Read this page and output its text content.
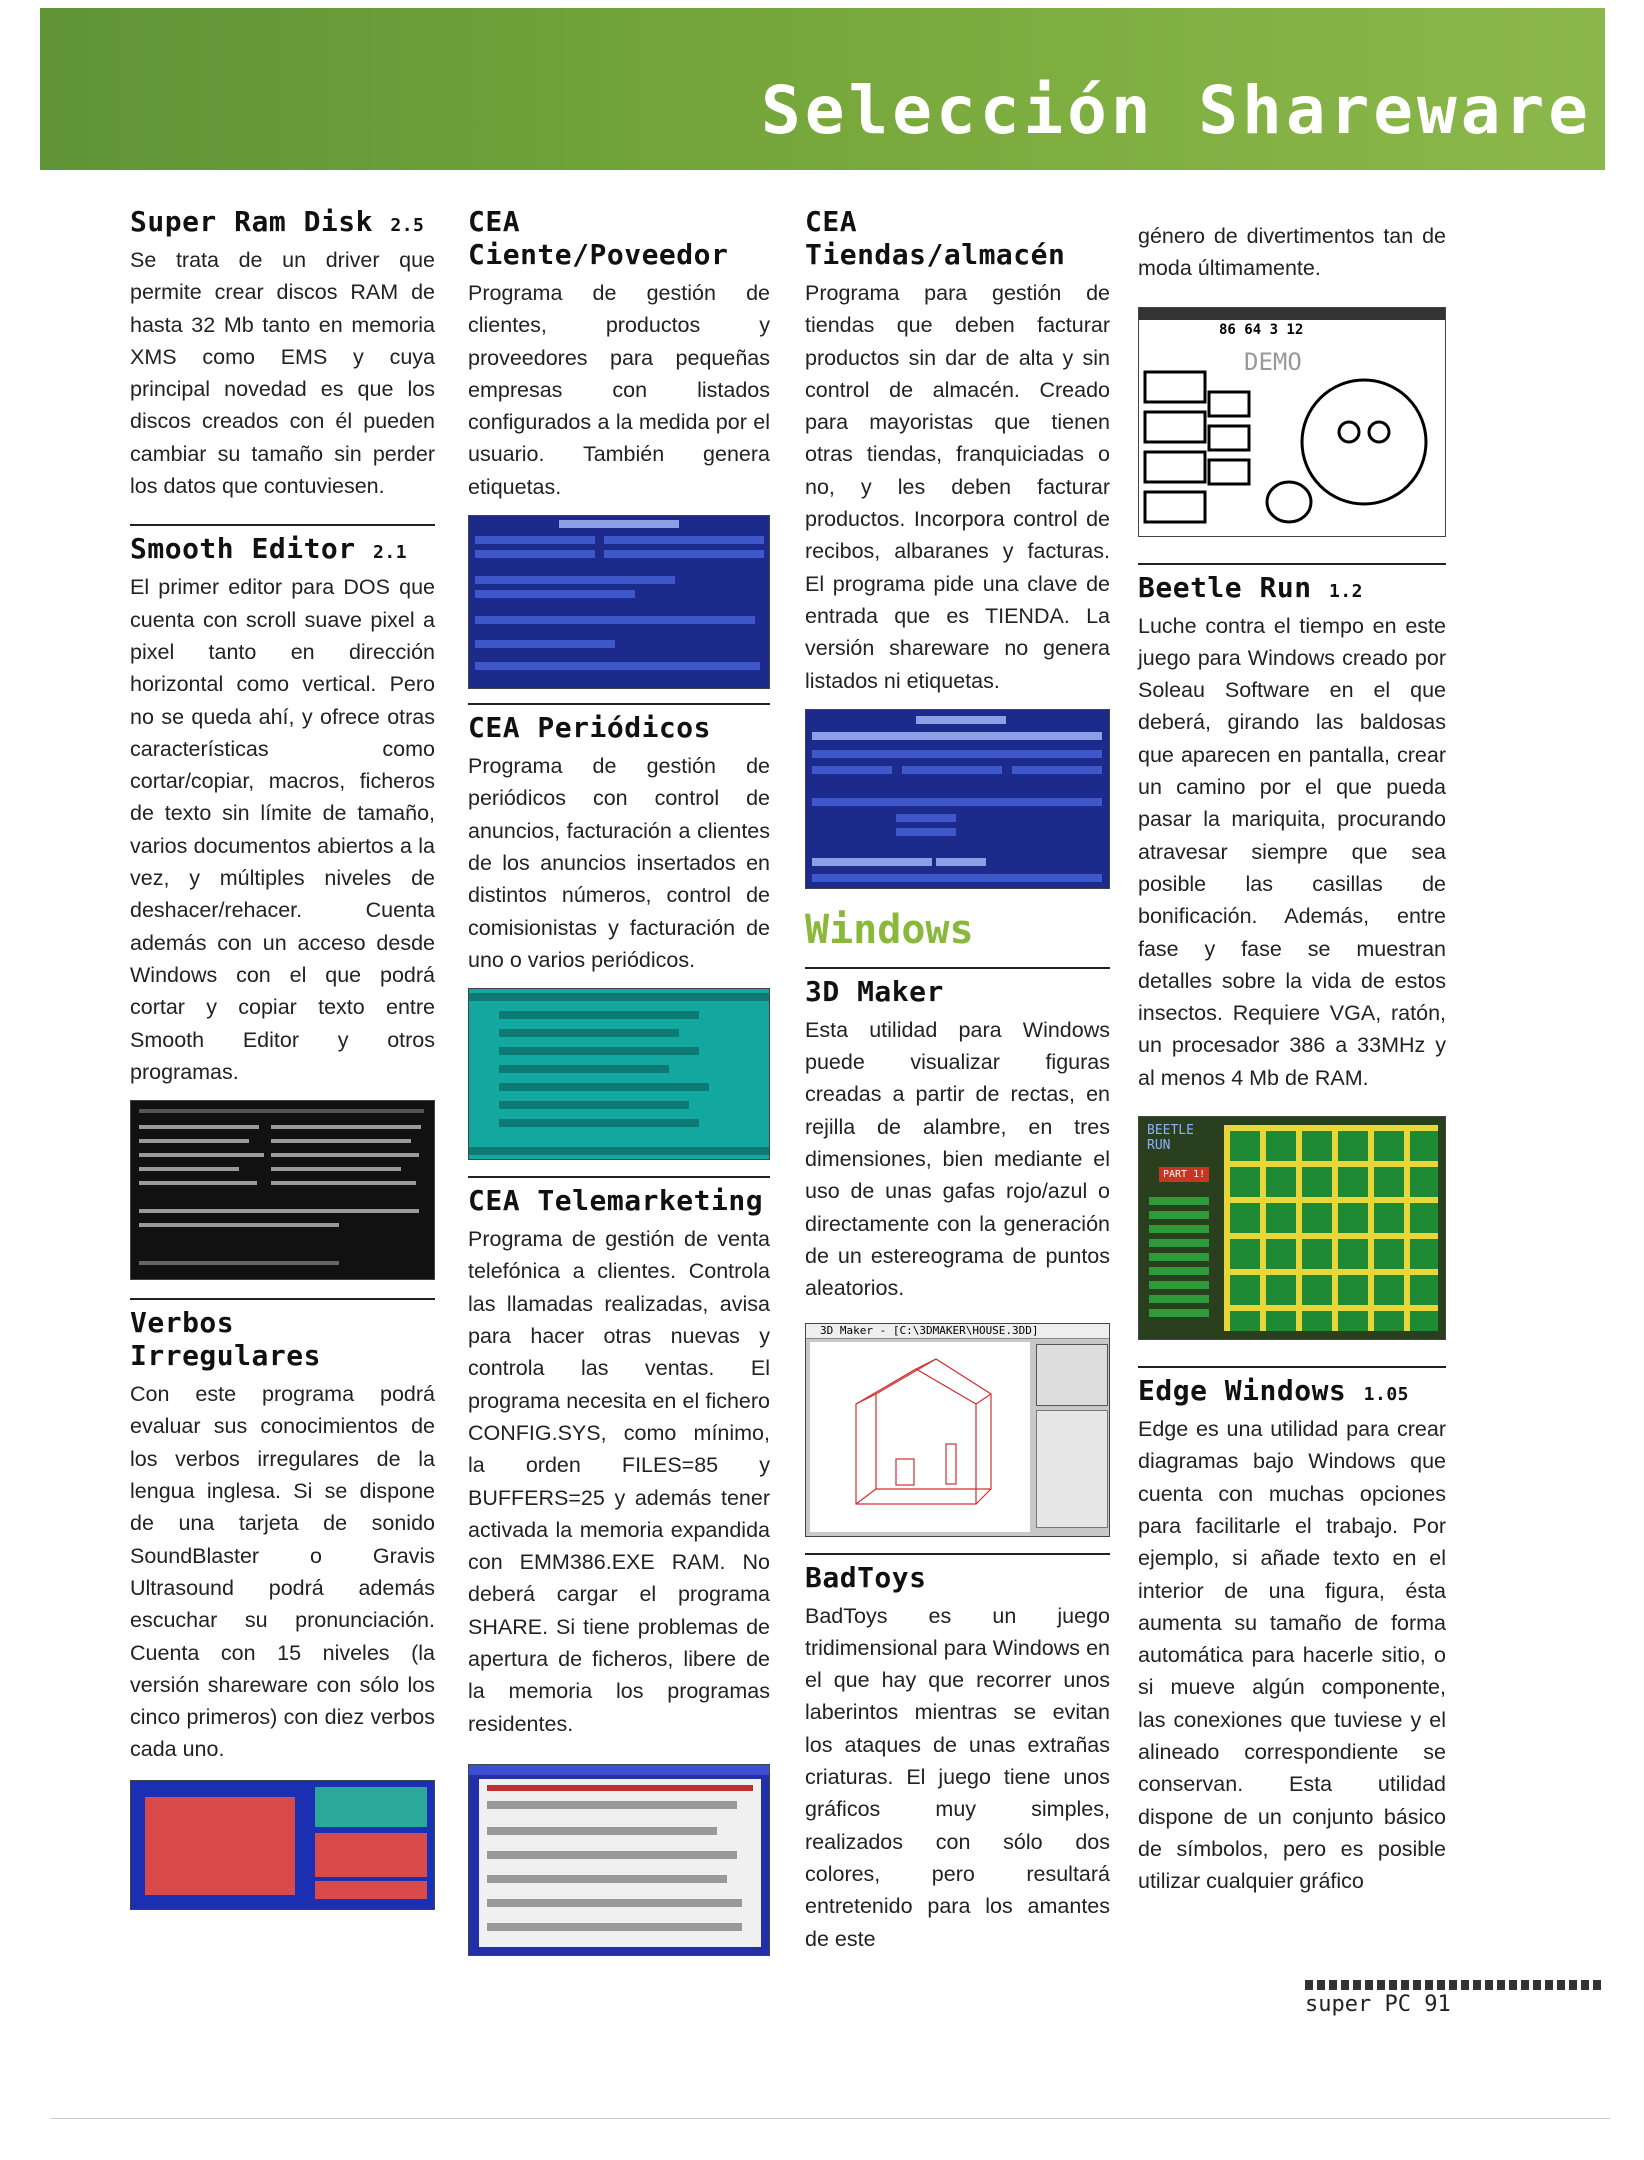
Selección Shareware
Super Ram Disk 2.5

Se trata de un driver que permite crear discos RAM de hasta 32 Mb tanto en memoria XMS como EMS y cuya principal novedad es que los discos creados con él pueden cambiar su tamaño sin perder los datos que contuviesen.

Smooth Editor 2.1

El primer editor para DOS que cuenta con scroll suave pixel a pixel tanto en dirección horizontal como vertical. Pero no se queda ahí, y ofrece otras características como cortar/copiar, macros, ficheros de texto sin límite de tamaño, varios documentos abiertos a la vez, y múltiples niveles de deshacer/rehacer. Cuenta además con un acceso desde Windows con el que podrá cortar y copiar texto entre Smooth Editor y otros programas.

Verbos Irregulares

Con este programa podrá evaluar sus conocimientos de los verbos irregulares de la lengua inglesa. Si se dispone de una tarjeta de sonido SoundBlaster o Gravis Ultrasound podrá además escuchar su pronunciación. Cuenta con 15 niveles (la versión shareware con sólo los cinco primeros) con diez verbos cada uno.

CEA Ciente/Poveedor

Programa de gestión de clientes, productos y proveedores para pequeñas empresas con listados configurados a la medida por el usuario. También genera etiquetas.

CEA Periódicos

Programa de gestión de periódicos con control de anuncios, facturación a clientes de los anuncios insertados en distintos números, control de comisionistas y facturación de uno o varios periódicos.

CEA Telemarketing

Programa de gestión de venta telefónica a clientes. Controla las llamadas realizadas, avisa para hacer otras nuevas y controla las ventas. El programa necesita en el fichero CONFIG.SYS, como mínimo, la orden FILES=85 y BUFFERS=25 y además tener activada la memoria expandida con EMM386.EXE RAM. No deberá cargar el programa SHARE. Si tiene problemas de apertura de ficheros, libere de la memoria los programas residentes.

CEA Tiendas/almacén

Programa para gestión de tiendas que deben facturar productos sin dar de alta y sin control de almacén. Creado para mayoristas que tienen otras tiendas, franquiciadas o no, y les deben facturar productos. Incorpora control de recibos, albaranes y facturas. El programa pide una clave de entrada que es TIENDA. La versión shareware no genera listados ni etiquetas.

Windows
3D Maker

Esta utilidad para Windows puede visualizar figuras creadas a partir de rectas, en rejilla de alambre, en tres dimensiones, bien mediante el uso de unas gafas rojo/azul o directamente con la generación de un estereograma de puntos aleatorios.

3D Maker - [C:\3DMAKER\HOUSE.3DD]
BadToys

BadToys es un juego tridimensional para Windows en el que hay que recorrer unos laberintos mientras se evitan los ataques de unas extrañas criaturas. El juego tiene unos gráficos muy simples, realizados con sólo dos colores, pero resultará entretenido para los amantes de este

género de divertimentos tan de moda últimamente.

86 64 3 12
DEMO
Beetle Run 1.2

Luche contra el tiempo en este juego para Windows creado por Soleau Software en el que deberá, girando las baldosas que aparecen en pantalla, crear un camino por el que pueda pasar la mariquita, procurando atravesar siempre que sea posible las casillas de bonificación. Además, entre fase y fase se muestran detalles sobre la vida de estos insectos. Requiere VGA, ratón, un procesador 386 a 33MHz y al menos 4 Mb de RAM.

BEETLE RUN
PART 1!
Edge Windows 1.05

Edge es una utilidad para crear diagramas bajo Windows que cuenta con muchas opciones para facilitarle el trabajo. Por ejemplo, si añade texto en el interior de una figura, ésta aumenta su tamaño de forma automática para hacerle sitio, o si mueve algún componente, las conexiones que tuviese y el alineado correspondiente se conservan. Esta utilidad dispone de un conjunto básico de símbolos, pero es posible utilizar cualquier gráfico

super PC 91
